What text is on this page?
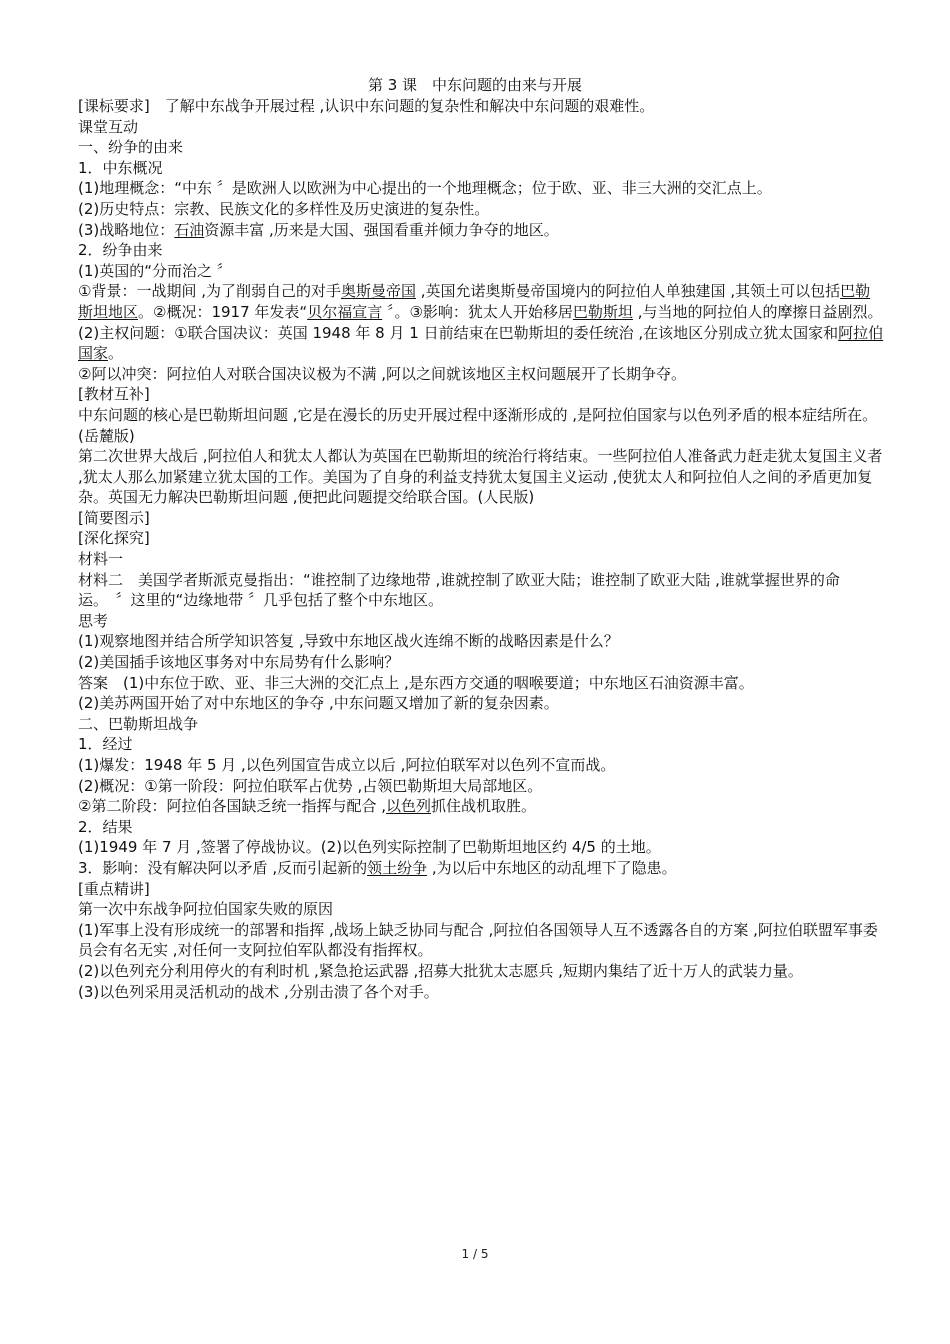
第 3 课　中东问题的由来与开展

[课标要求]　了解中东战争开展过程 ,认识中东问题的复杂性和解决中东问题的艰难性。

课堂互动

一、纷争的由来

1．中东概况

(1)地理概念：“中东 〞是欧洲人以欧洲为中心提出的一个地理概念；位于欧、亚、非三大洲的交汇点上。

(2)历史特点：宗教、民族文化的多样性及历史演进的复杂性。

(3)战略地位：石油资源丰富 ,历来是大国、强国看重并倾力争夺的地区。

2．纷争由来

(1)英国的“分而治之 〞

①背景：一战期间 ,为了削弱自己的对手奥斯曼帝国 ,英国允诺奥斯曼帝国境内的阿拉伯人单独建国 ,其领土可以包括巴勒斯坦地区。②概况：1917 年发表“贝尔福宣言 〞。③影响：犹太人开始移居巴勒斯坦 ,与当地的阿拉伯人的摩擦日益剧烈。

(2)主权问题：①联合国决议：英国 1948 年 8 月 1 日前结束在巴勒斯坦的委任统治 ,在该地区分别成立犹太国家和阿拉伯国家。

②阿以冲突：阿拉伯人对联合国决议极为不满 ,阿以之间就该地区主权问题展开了长期争夺。

[教材互补]

中东问题的核心是巴勒斯坦问题 ,它是在漫长的历史开展过程中逐渐形成的 ,是阿拉伯国家与以色列矛盾的根本症结所在。(岳麓版)

第二次世界大战后 ,阿拉伯人和犹太人都认为英国在巴勒斯坦的统治行将结束。一些阿拉伯人准备武力赶走犹太复国主义者 ,犹太人那么加紧建立犹太国的工作。美国为了自身的利益支持犹太复国主义运动 ,使犹太人和阿拉伯人之间的矛盾更加复杂。英国无力解决巴勒斯坦问题 ,便把此问题提交给联合国。(人民版)

[简要图示]

[深化探究]

材料一

材料二　美国学者斯派克曼指出：“谁控制了边缘地带 ,谁就控制了欧亚大陆；谁控制了欧亚大陆 ,谁就掌握世界的命运。　〞这里的“边缘地带 〞几乎包括了整个中东地区。

思考

(1)观察地图并结合所学知识答复 ,导致中东地区战火连绵不断的战略因素是什么？

(2)美国插手该地区事务对中东局势有什么影响？

答案　(1)中东位于欧、亚、非三大洲的交汇点上 ,是东西方交通的咽喉要道；中东地区石油资源丰富。

(2)美苏两国开始了对中东地区的争夺 ,中东问题又增加了新的复杂因素。

二、巴勒斯坦战争

1．经过

(1)爆发：1948 年 5 月 ,以色列国宣告成立以后 ,阿拉伯联军对以色列不宣而战。

(2)概况：①第一阶段：阿拉伯联军占优势 ,占领巴勒斯坦大局部地区。

②第二阶段：阿拉伯各国缺乏统一指挥与配合 ,以色列抓住战机取胜。

2．结果

(1)1949 年 7 月 ,签署了停战协议。(2)以色列实际控制了巴勒斯坦地区约 4/5 的土地。

3．影响：没有解决阿以矛盾 ,反而引起新的领土纷争 ,为以后中东地区的动乱埋下了隐患。

[重点精讲]

第一次中东战争阿拉伯国家失败的原因

(1)军事上没有形成统一的部署和指挥 ,战场上缺乏协同与配合 ,阿拉伯各国领导人互不透露各自的方案 ,阿拉伯联盟军事委员会有名无实 ,对任何一支阿拉伯军队都没有指挥权。

(2)以色列充分利用停火的有利时机 ,紧急抢运武器 ,招募大批犹太志愿兵 ,短期内集结了近十万人的武装力量。

(3)以色列采用灵活机动的战术 ,分别击溃了各个对手。

1 / 5
